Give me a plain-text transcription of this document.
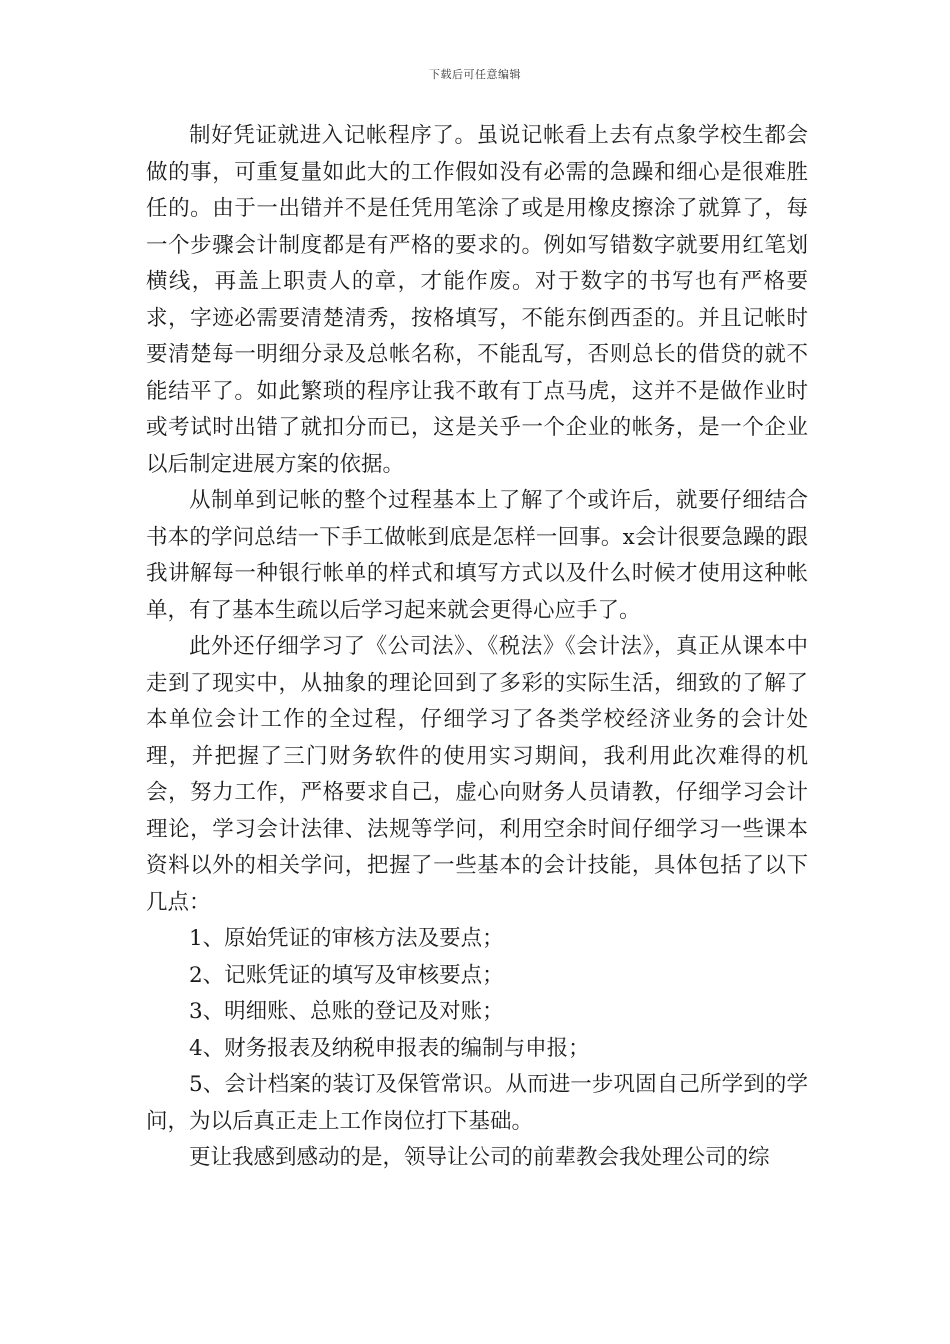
下载后可任意编辑

制好凭证就进入记帐程序了。虽说记帐看上去有点象学校生都会做的事，可重复量如此大的工作假如没有必需的急躁和细心是很难胜任的。由于一出错并不是任凭用笔涂了或是用橡皮擦涂了就算了，每一个步骤会计制度都是有严格的要求的。例如写错数字就要用红笔划横线，再盖上职责人的章，才能作废。对于数字的书写也有严格要求，字迹必需要清楚清秀，按格填写，不能东倒西歪的。并且记帐时要清楚每一明细分录及总帐名称，不能乱写，否则总长的借贷的就不能结平了。如此繁琐的程序让我不敢有丁点马虎，这并不是做作业时或考试时出错了就扣分而已，这是关乎一个企业的帐务，是一个企业以后制定进展方案的依据。

从制单到记帐的整个过程基本上了解了个或许后，就要仔细结合书本的学问总结一下手工做帐到底是怎样一回事。x会计很要急躁的跟我讲解每一种银行帐单的样式和填写方式以及什么时候才使用这种帐单，有了基本生疏以后学习起来就会更得心应手了。

此外还仔细学习了《公司法》、《税法》《会计法》，真正从课本中走到了现实中，从抽象的理论回到了多彩的实际生活，细致的了解了本单位会计工作的全过程，仔细学习了各类学校经济业务的会计处理，并把握了三门财务软件的使用实习期间，我利用此次难得的机会，努力工作，严格要求自己，虚心向财务人员请教，仔细学习会计理论，学习会计法律、法规等学问，利用空余时间仔细学习一些课本资料以外的相关学问，把握了一些基本的会计技能，具体包括了以下几点：

1、原始凭证的审核方法及要点；

2、记账凭证的填写及审核要点；

3、明细账、总账的登记及对账；

4、财务报表及纳税申报表的编制与申报；

5、会计档案的装订及保管常识。从而进一步巩固自己所学到的学问，为以后真正走上工作岗位打下基础。

更让我感到感动的是，领导让公司的前辈教会我处理公司的综
